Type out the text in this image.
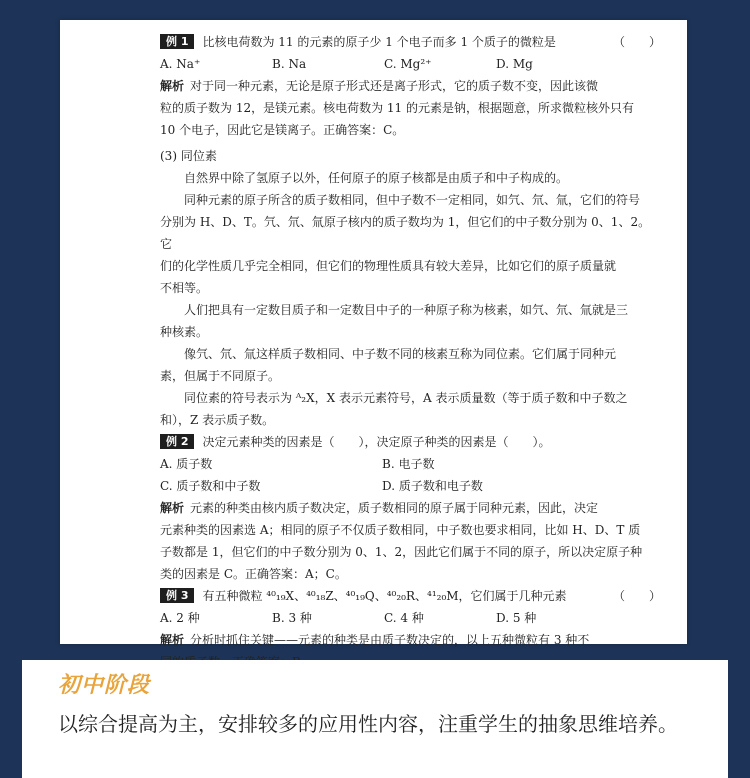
例 1 比核电荷数为 11 的元素的原子少 1 个电子而多 1 个质子的微粒是	（　　）

A. Na⁺	B. Na	C. Mg²⁺	D. Mg

解析 对于同一种元素，无论是原子形式还是离子形式，它的质子数不变，因此该微

粒的质子数为 12，是镁元素。核电荷数为 11 的元素是钠，根据题意，所求微粒核外只有

10 个电子，因此它是镁离子。正确答案：C。

(3) 同位素

自然界中除了氢原子以外，任何原子的原子核都是由质子和中子构成的。

同种元素的原子所含的质子数相同，但中子数不一定相同，如氕、氘、氚，它们的符号

分别为 H、D、T。氕、氘、氚原子核内的质子数均为 1，但它们的中子数分别为 0、1、2。它

们的化学性质几乎完全相同，但它们的物理性质具有较大差异，比如它们的原子质量就

不相等。

人们把具有一定数目质子和一定数目中子的一种原子称为核素，如氕、氘、氚就是三

种核素。

像氕、氘、氚这样质子数相同、中子数不同的核素互称为同位素。它们属于同种元

素，但属于不同原子。

同位素的符号表示为 ᴬ₂X，X 表示元素符号，A 表示质量数（等于质子数和中子数之

和），Z 表示质子数。

例 2 决定元素种类的因素是（　　），决定原子种类的因素是（　　）。

A. 质子数	B. 电子数

C. 质子数和中子数	D. 质子数和电子数

解析 元素的种类由核内质子数决定，质子数相同的原子属于同种元素，因此，决定

元素种类的因素选 A；相同的原子不仅质子数相同，中子数也要求相同，比如 H、D、T 质

子数都是 1，但它们的中子数分别为 0、1、2，因此它们属于不同的原子，所以决定原子种

类的因素是 C。正确答案：A；C。

例 3 有五种微粒 ⁴⁰₁₉X、⁴⁰₁₈Z、⁴⁰₁₉Q、⁴⁰₂₀R、⁴¹₂₀M，它们属于几种元素	（　　）

A. 2 种	B. 3 种	C. 4 种	D. 5 种

解析 分析时抓住关键——元素的种类是由质子数决定的，以上五种微粒有 3 种不

初中阶段
以综合提高为主，安排较多的应用性内容，注重学生的抽象思维培养。
